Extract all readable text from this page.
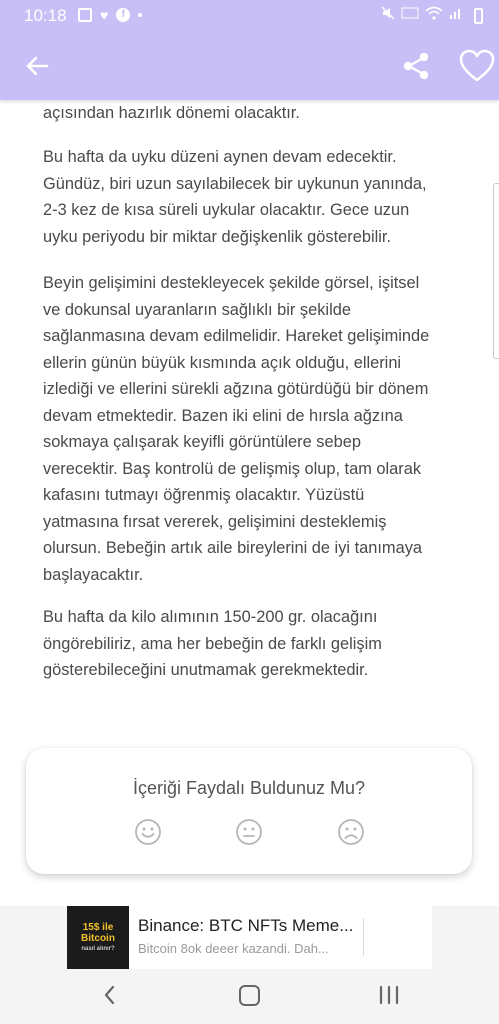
10:18 ♥	f

açısından hazırlık dönemi olacaktır.

Bu hafta da uyku düzeni aynen devam edecektir.
Gündüz, biri uzun sayılabilecek bir uykunun yanında,
2-3 kez de kısa süreli uykular olacaktır. Gece uzun
uyku periyodu bir miktar değişkenlik gösterebilir.

Beyin gelişimini destekleyecek şekilde görsel, işitsel
ve dokunsal uyaranların sağlıklı bir şekilde
sağlanmasına devam edilmelidir. Hareket gelişiminde
ellerin günün büyük kısmında açık olduğu, ellerini
izlediği ve ellerini sürekli ağzına götürdüğü bir dönem
devam etmektedir. Bazen iki elini de hırsla ağzına
sokmaya çalışarak keyifli görüntülere sebep
verecektir. Baş kontrolü de gelişmiş olup, tam olarak
kafasını tutmayı öğrenmiş olacaktır. Yüzüstü
yatmasına fırsat vererek, gelişimini desteklemiş
olursun. Bebeğin artık aile bireylerini de iyi tanımaya
başlayacaktır.

Bu hafta da kilo alımının 150-200 gr. olacağını
öngörebiliriz, ama her bebeğin de farklı gelişim
gösterebileceğini unutmamak gerekmektedir.

İçeriği Faydalı Buldunuz Mu?
15$ ile
Bitcoin
nasıl alınır?
Binance: BTC NFTs Meme...
Bitcoin 8ok deeer kazandi. Dah...
